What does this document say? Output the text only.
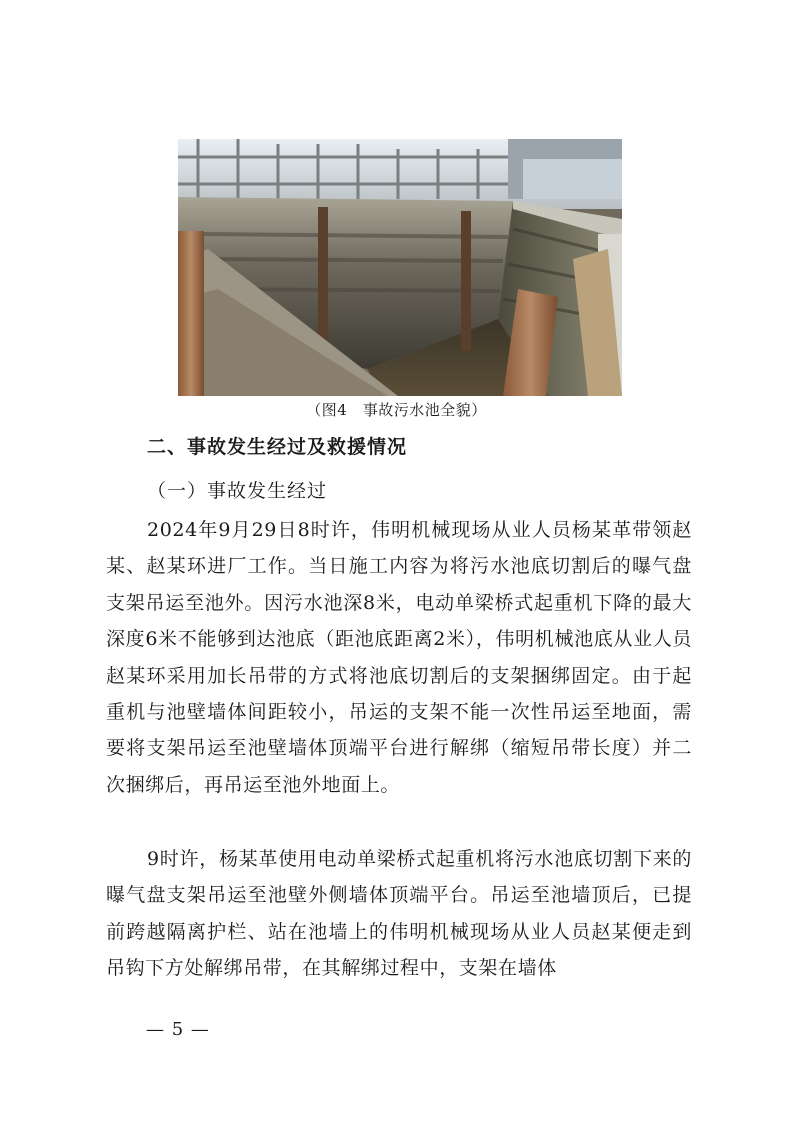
（图4　事故污水池全貌）
二、事故发生经过及救援情况
（一）事故发生经过

2024年9月29日8时许，伟明机械现场从业人员杨某革带领赵某、赵某环进厂工作。当日施工内容为将污水池底切割后的曝气盘支架吊运至池外。因污水池深8米，电动单梁桥式起重机下降的最大深度6米不能够到达池底（距池底距离2米），伟明机械池底从业人员赵某环采用加长吊带的方式将池底切割后的支架捆绑固定。由于起重机与池壁墙体间距较小，吊运的支架不能一次性吊运至地面，需要将支架吊运至池壁墙体顶端平台进行解绑（缩短吊带长度）并二次捆绑后，再吊运至池外地面上。

9时许，杨某革使用电动单梁桥式起重机将污水池底切割下来的曝气盘支架吊运至池壁外侧墙体顶端平台。吊运至池墙顶后，已提前跨越隔离护栏、站在池墙上的伟明机械现场从业人员赵某便走到吊钩下方处解绑吊带，在其解绑过程中，支架在墙体

— 5 —
